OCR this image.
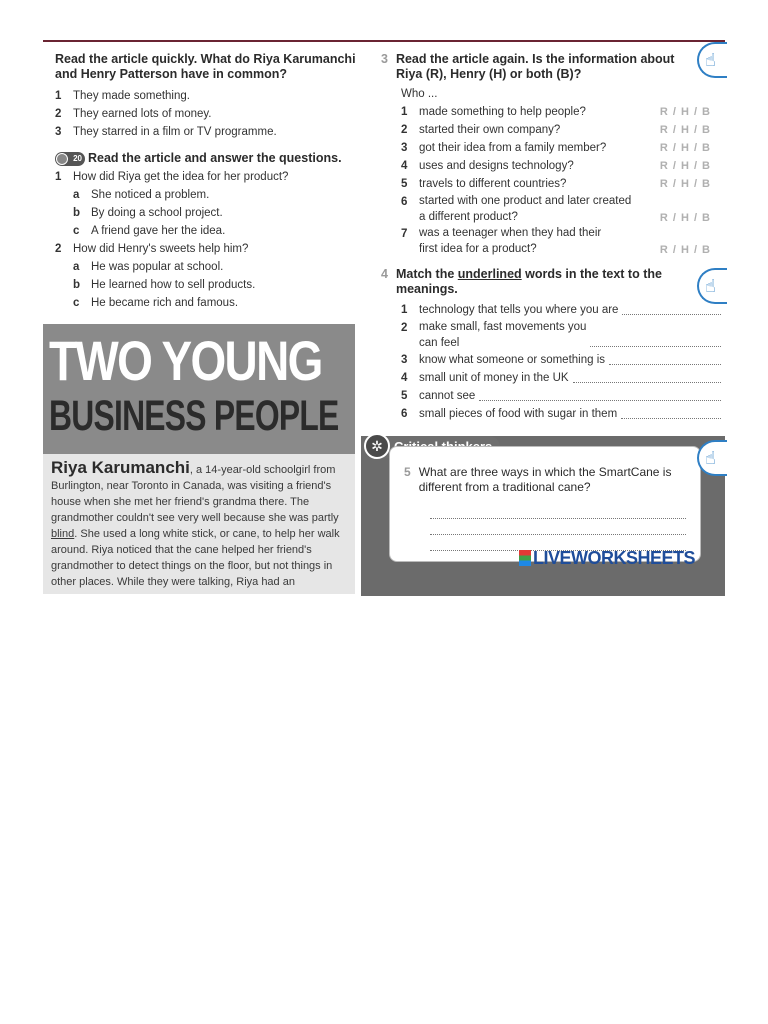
Read the article quickly. What do Riya Karumanchi and Henry Patterson have in common?
1	They made something.
2	They earned lots of money.
3	They starred in a film or TV programme.
20 Read the article and answer the questions.
1	How did Riya get the idea for her product?
a	She noticed a problem.
b By doing a school project.
c	A friend gave her the idea.
2	How did Henry's sweets help him?
a	He was popular at school.
b He learned how to sell products.
c	He became rich and famous.
TWO YOUNG
BUSINESS PEOPLE
Riya Karumanchi, a 14-year-old schoolgirl from Burlington, near Toronto in Canada, was visiting a friend's house when she met her friend's grandma there. The grandmother couldn't see very well because she was partly blind. She used a long white stick, or cane, to help her walk around. Riya noticed that the cane helped her friend's grandmother to detect things on the floor, but not things in other places. While they were talking, Riya had an
3 Read the article again. Is the information about Riya (R), Henry (H) or both (B)?
Who ...
1	made something to help people?	R / H / B
2	started their own company?	R / H / B
3	got their idea from a family member?	R / H / B
4	uses and designs technology?	R / H / B
5	travels to different countries?	R / H / B
6	started with one product and later created
a different product?	R / H / B
7	was a teenager when they had their
first idea for a product?	R / H / B
4 Match the underlined words in the text to the meanings.
1	technology that tells you where you are
2	make small, fast movements you
can feel
3	know what someone or something is
4	small unit of money in the UK
5	cannot see
6	small pieces of food with sugar in them
✲
5 What are three ways in which the SmartCane is different from a traditional cane?
LIVEWORKSHEETS
☝
☝
☝
